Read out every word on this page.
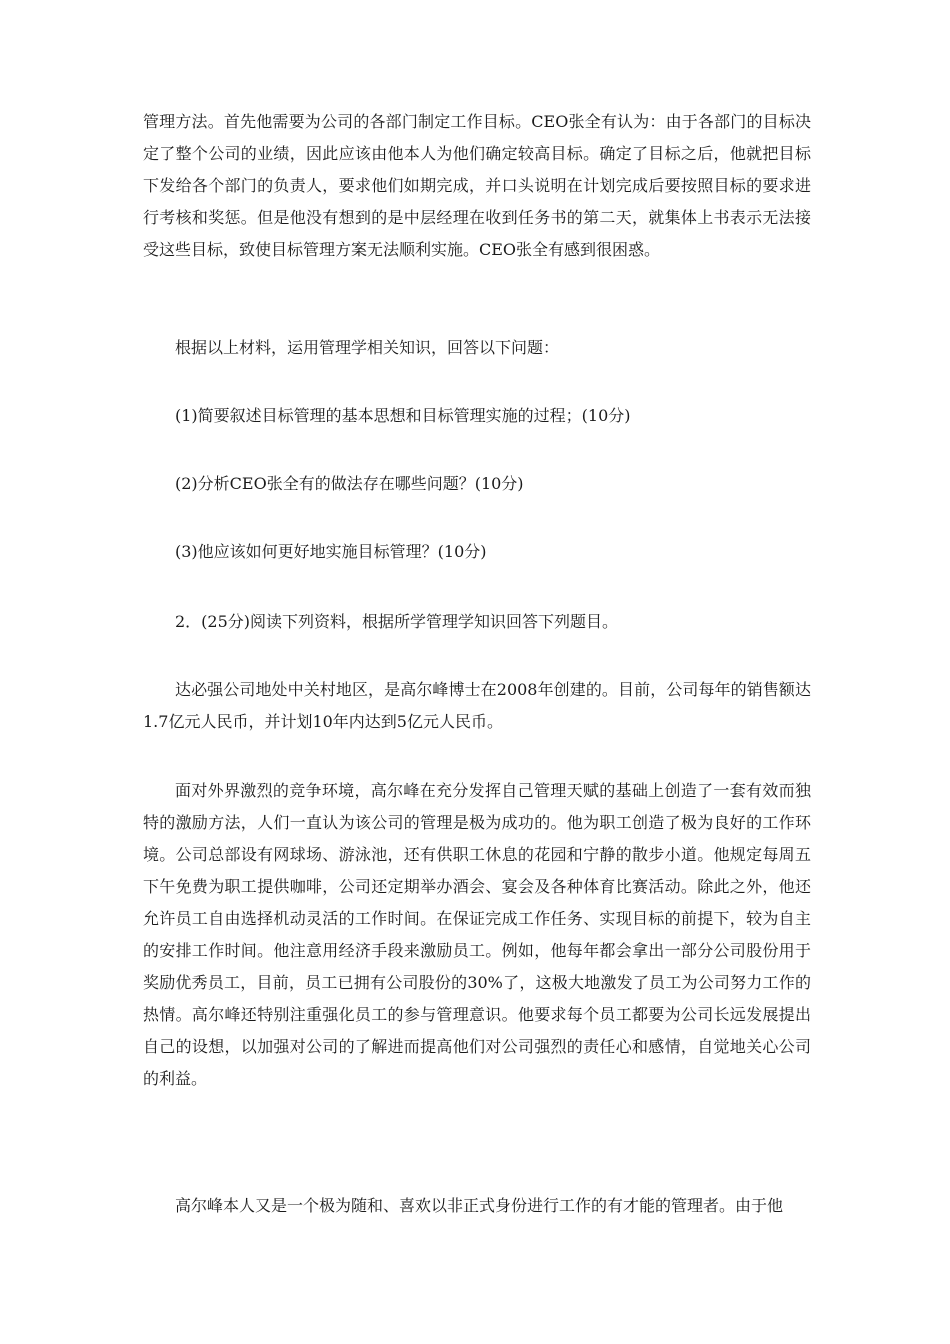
管理方法。首先他需要为公司的各部门制定工作目标。CEO张全有认为：由于各部门的目标决定了整个公司的业绩，因此应该由他本人为他们确定较高目标。确定了目标之后，他就把目标下发给各个部门的负责人，要求他们如期完成，并口头说明在计划完成后要按照目标的要求进行考核和奖惩。但是他没有想到的是中层经理在收到任务书的第二天，就集体上书表示无法接受这些目标，致使目标管理方案无法顺利实施。CEO张全有感到很困惑。

根据以上材料，运用管理学相关知识，回答以下问题：

(1)简要叙述目标管理的基本思想和目标管理实施的过程；(10分)

(2)分析CEO张全有的做法存在哪些问题？(10分)

(3)他应该如何更好地实施目标管理？(10分)

2．(25分)阅读下列资料，根据所学管理学知识回答下列题目。

达必强公司地处中关村地区，是高尔峰博士在2008年创建的。目前，公司每年的销售额达1.7亿元人民币，并计划10年内达到5亿元人民币。

面对外界激烈的竞争环境，高尔峰在充分发挥自己管理天赋的基础上创造了一套有效而独特的激励方法，人们一直认为该公司的管理是极为成功的。他为职工创造了极为良好的工作环境。公司总部设有网球场、游泳池，还有供职工休息的花园和宁静的散步小道。他规定每周五下午免费为职工提供咖啡，公司还定期举办酒会、宴会及各种体育比赛活动。除此之外，他还允许员工自由选择机动灵活的工作时间。在保证完成工作任务、实现目标的前提下，较为自主的安排工作时间。他注意用经济手段来激励员工。例如，他每年都会拿出一部分公司股份用于奖励优秀员工，目前，员工已拥有公司股份的30%了，这极大地激发了员工为公司努力工作的热情。高尔峰还特别注重强化员工的参与管理意识。他要求每个员工都要为公司长远发展提出自己的设想，以加强对公司的了解进而提高他们对公司强烈的责任心和感情，自觉地关心公司的利益。

高尔峰本人又是一个极为随和、喜欢以非正式身份进行工作的有才能的管理者。由于他
